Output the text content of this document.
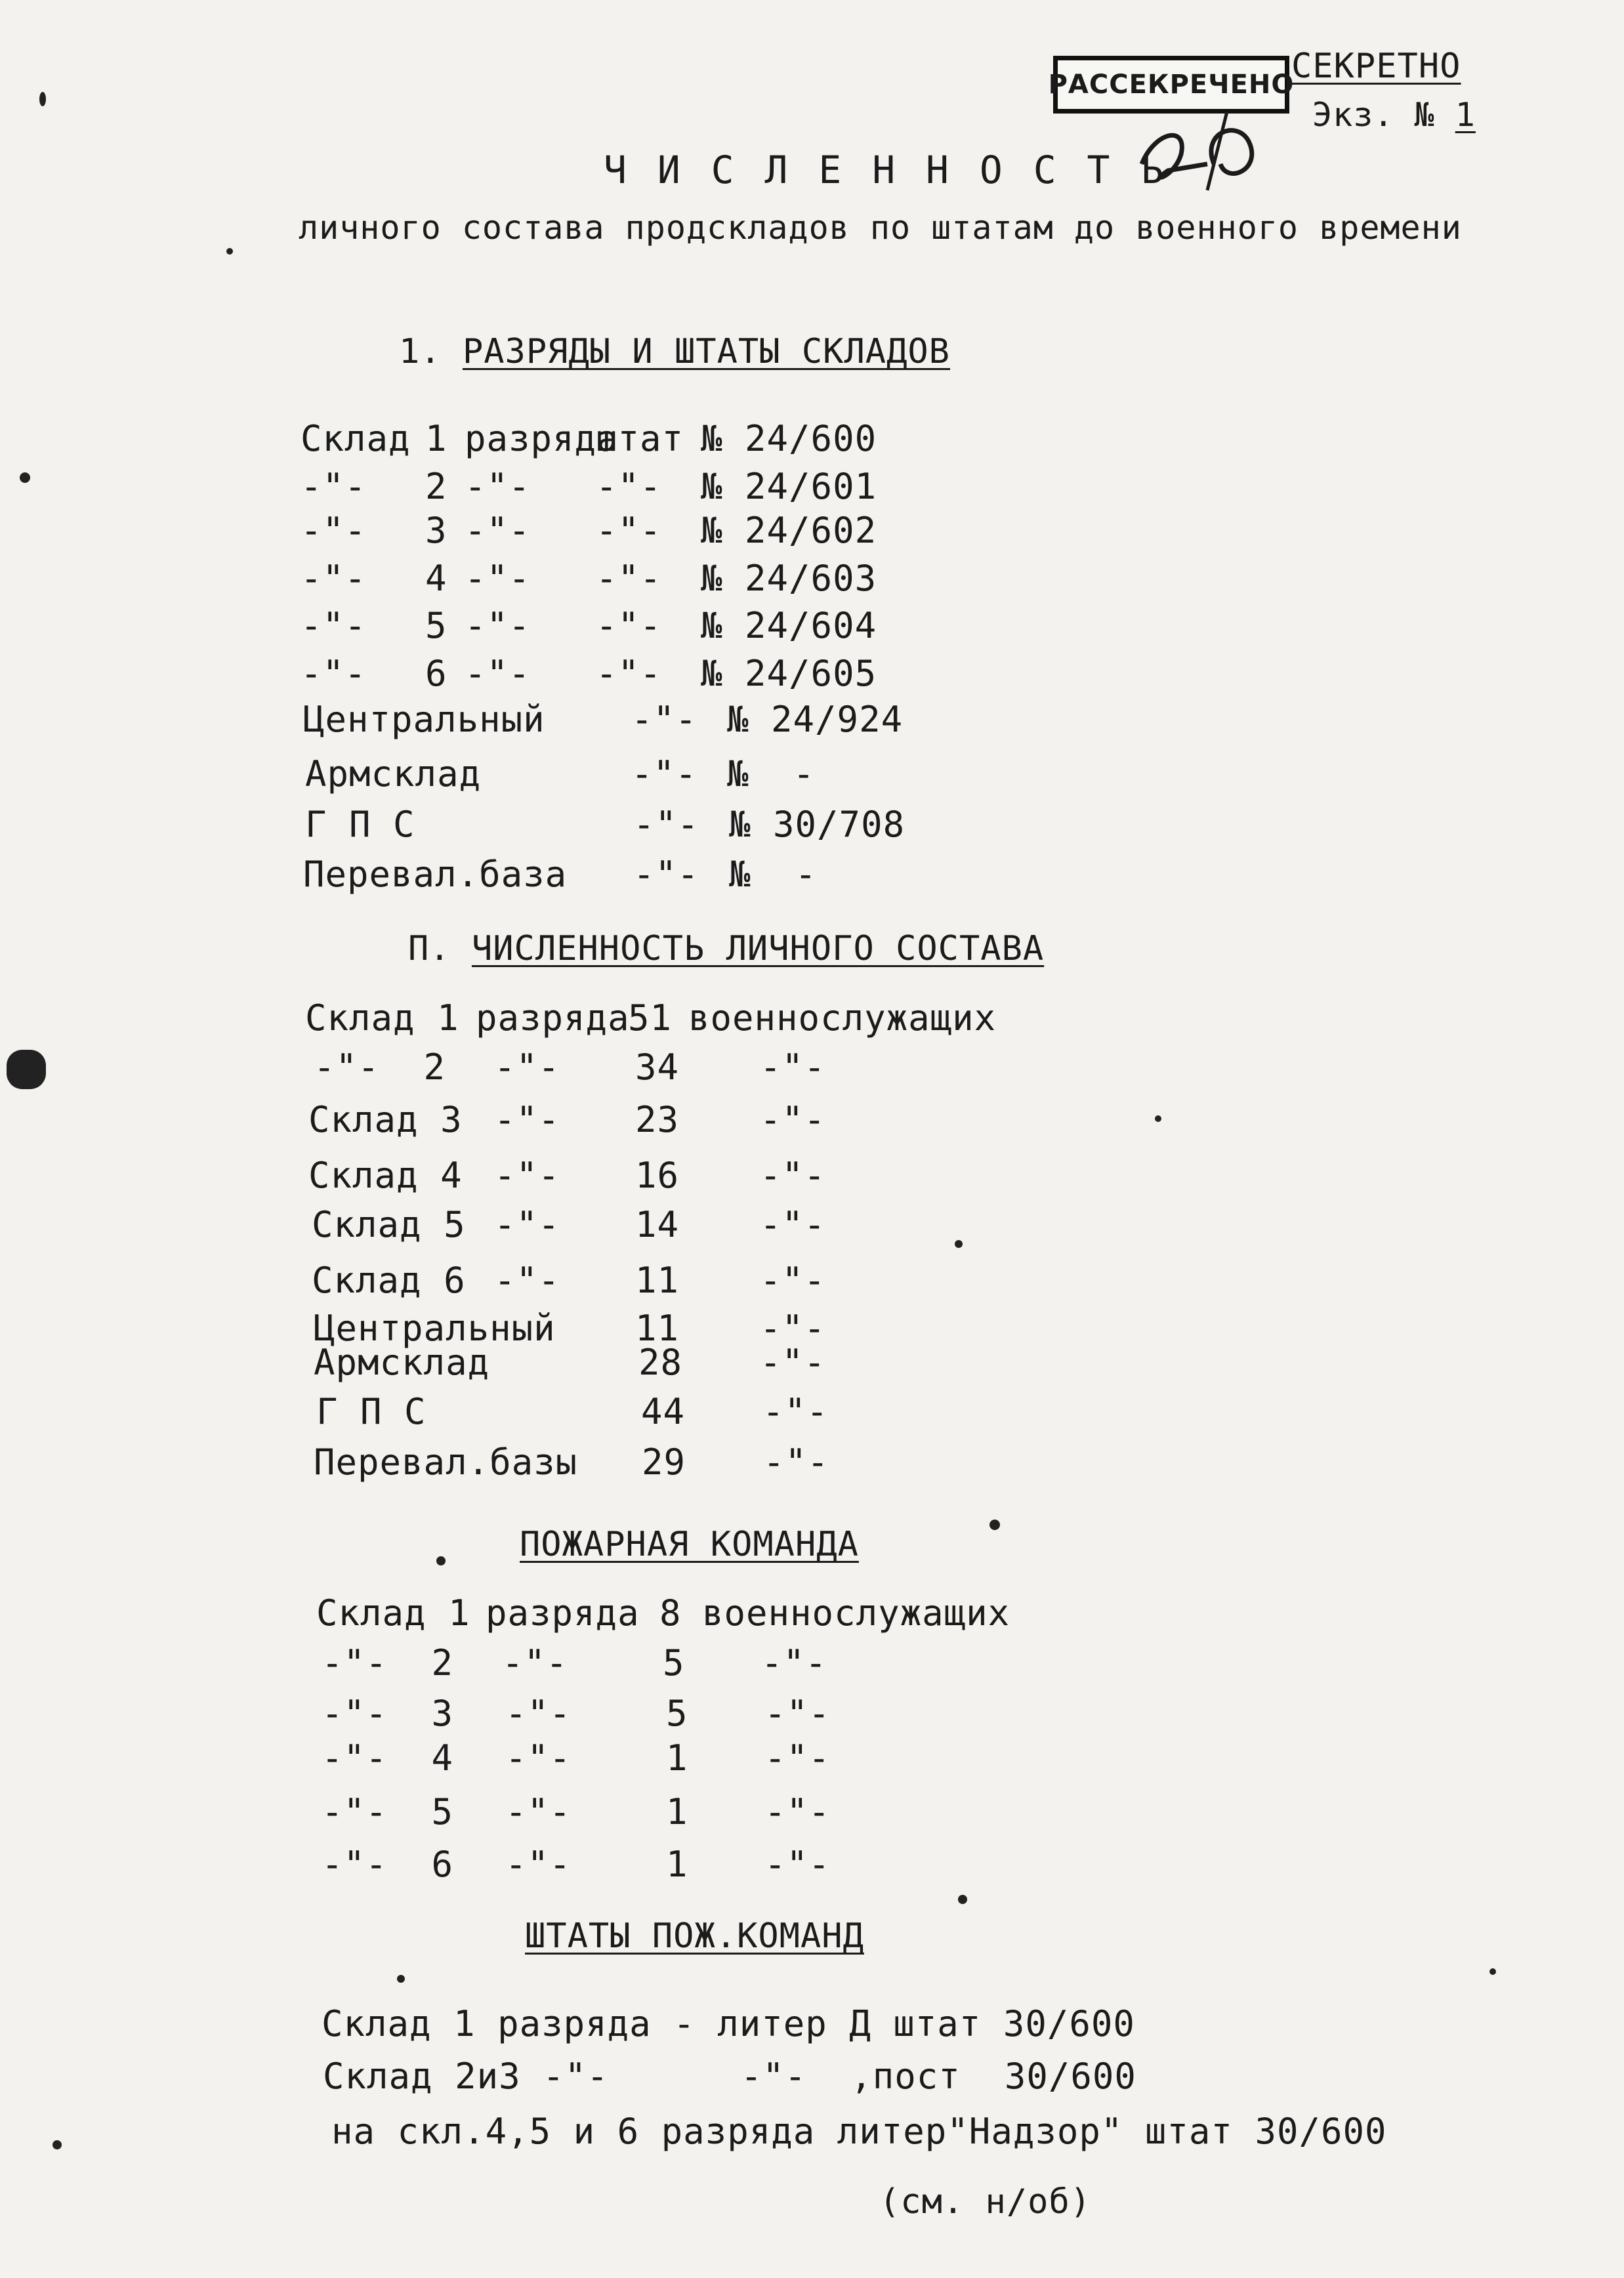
РАССЕКРЕЧЕНО
СЕКРЕТНО
Экз. № 1
Ч И С Л Е Н Н О С Т Ь
личного состава продскладов по штатам до военного времени
1. РАЗРЯДЫ И ШТАТЫ СКЛАДОВ
Склад 1 разрядаштат № 24/600
-"- 2 -"- -"- № 24/601
-"- 3 -"- -"- № 24/602
-"- 4 -"- -"- № 24/603
-"- 5 -"- -"- № 24/604
-"- 6 -"- -"- № 24/605
Центральный -"- № 24/924
Армсклад	-"- №  -
Г П С	-"- № 30/708
Перевал.база -"- №  -
П. ЧИСЛЕННОСТЬ ЛИЧНОГО СОСТАВА
Склад 1 разряда51 военнослужащих
-"-  2 -"- 34 -"-
Склад 3 -"- 23 -"-
Склад 4 -"- 16 -"-
Склад 5 -"- 14 -"-
Склад 6 -"- 11 -"-
Центральный 11 -"-
Армсклад	28 -"-
Г П С	44 -"-
Перевал.базы 29 -"-
ПОЖАРНАЯ КОМАНДА
Склад 1 разряда 8 военнослужащих
-"-  2 -"-	5 -"-
-"-  3 -"-	5 -"-
-"-  4 -"-	1 -"-
-"-  5 -"-	1 -"-
-"-  6 -"-	1 -"-
ШТАТЫ ПОЖ.КОМАНД
Склад 1 разряда - литер Д штат 30/600
Склад 2иЗ -"-      -"-  ,пост  30/600
на скл.4,5 и 6 разряда литер"Надзор" штат 30/600
(см. н/об)
